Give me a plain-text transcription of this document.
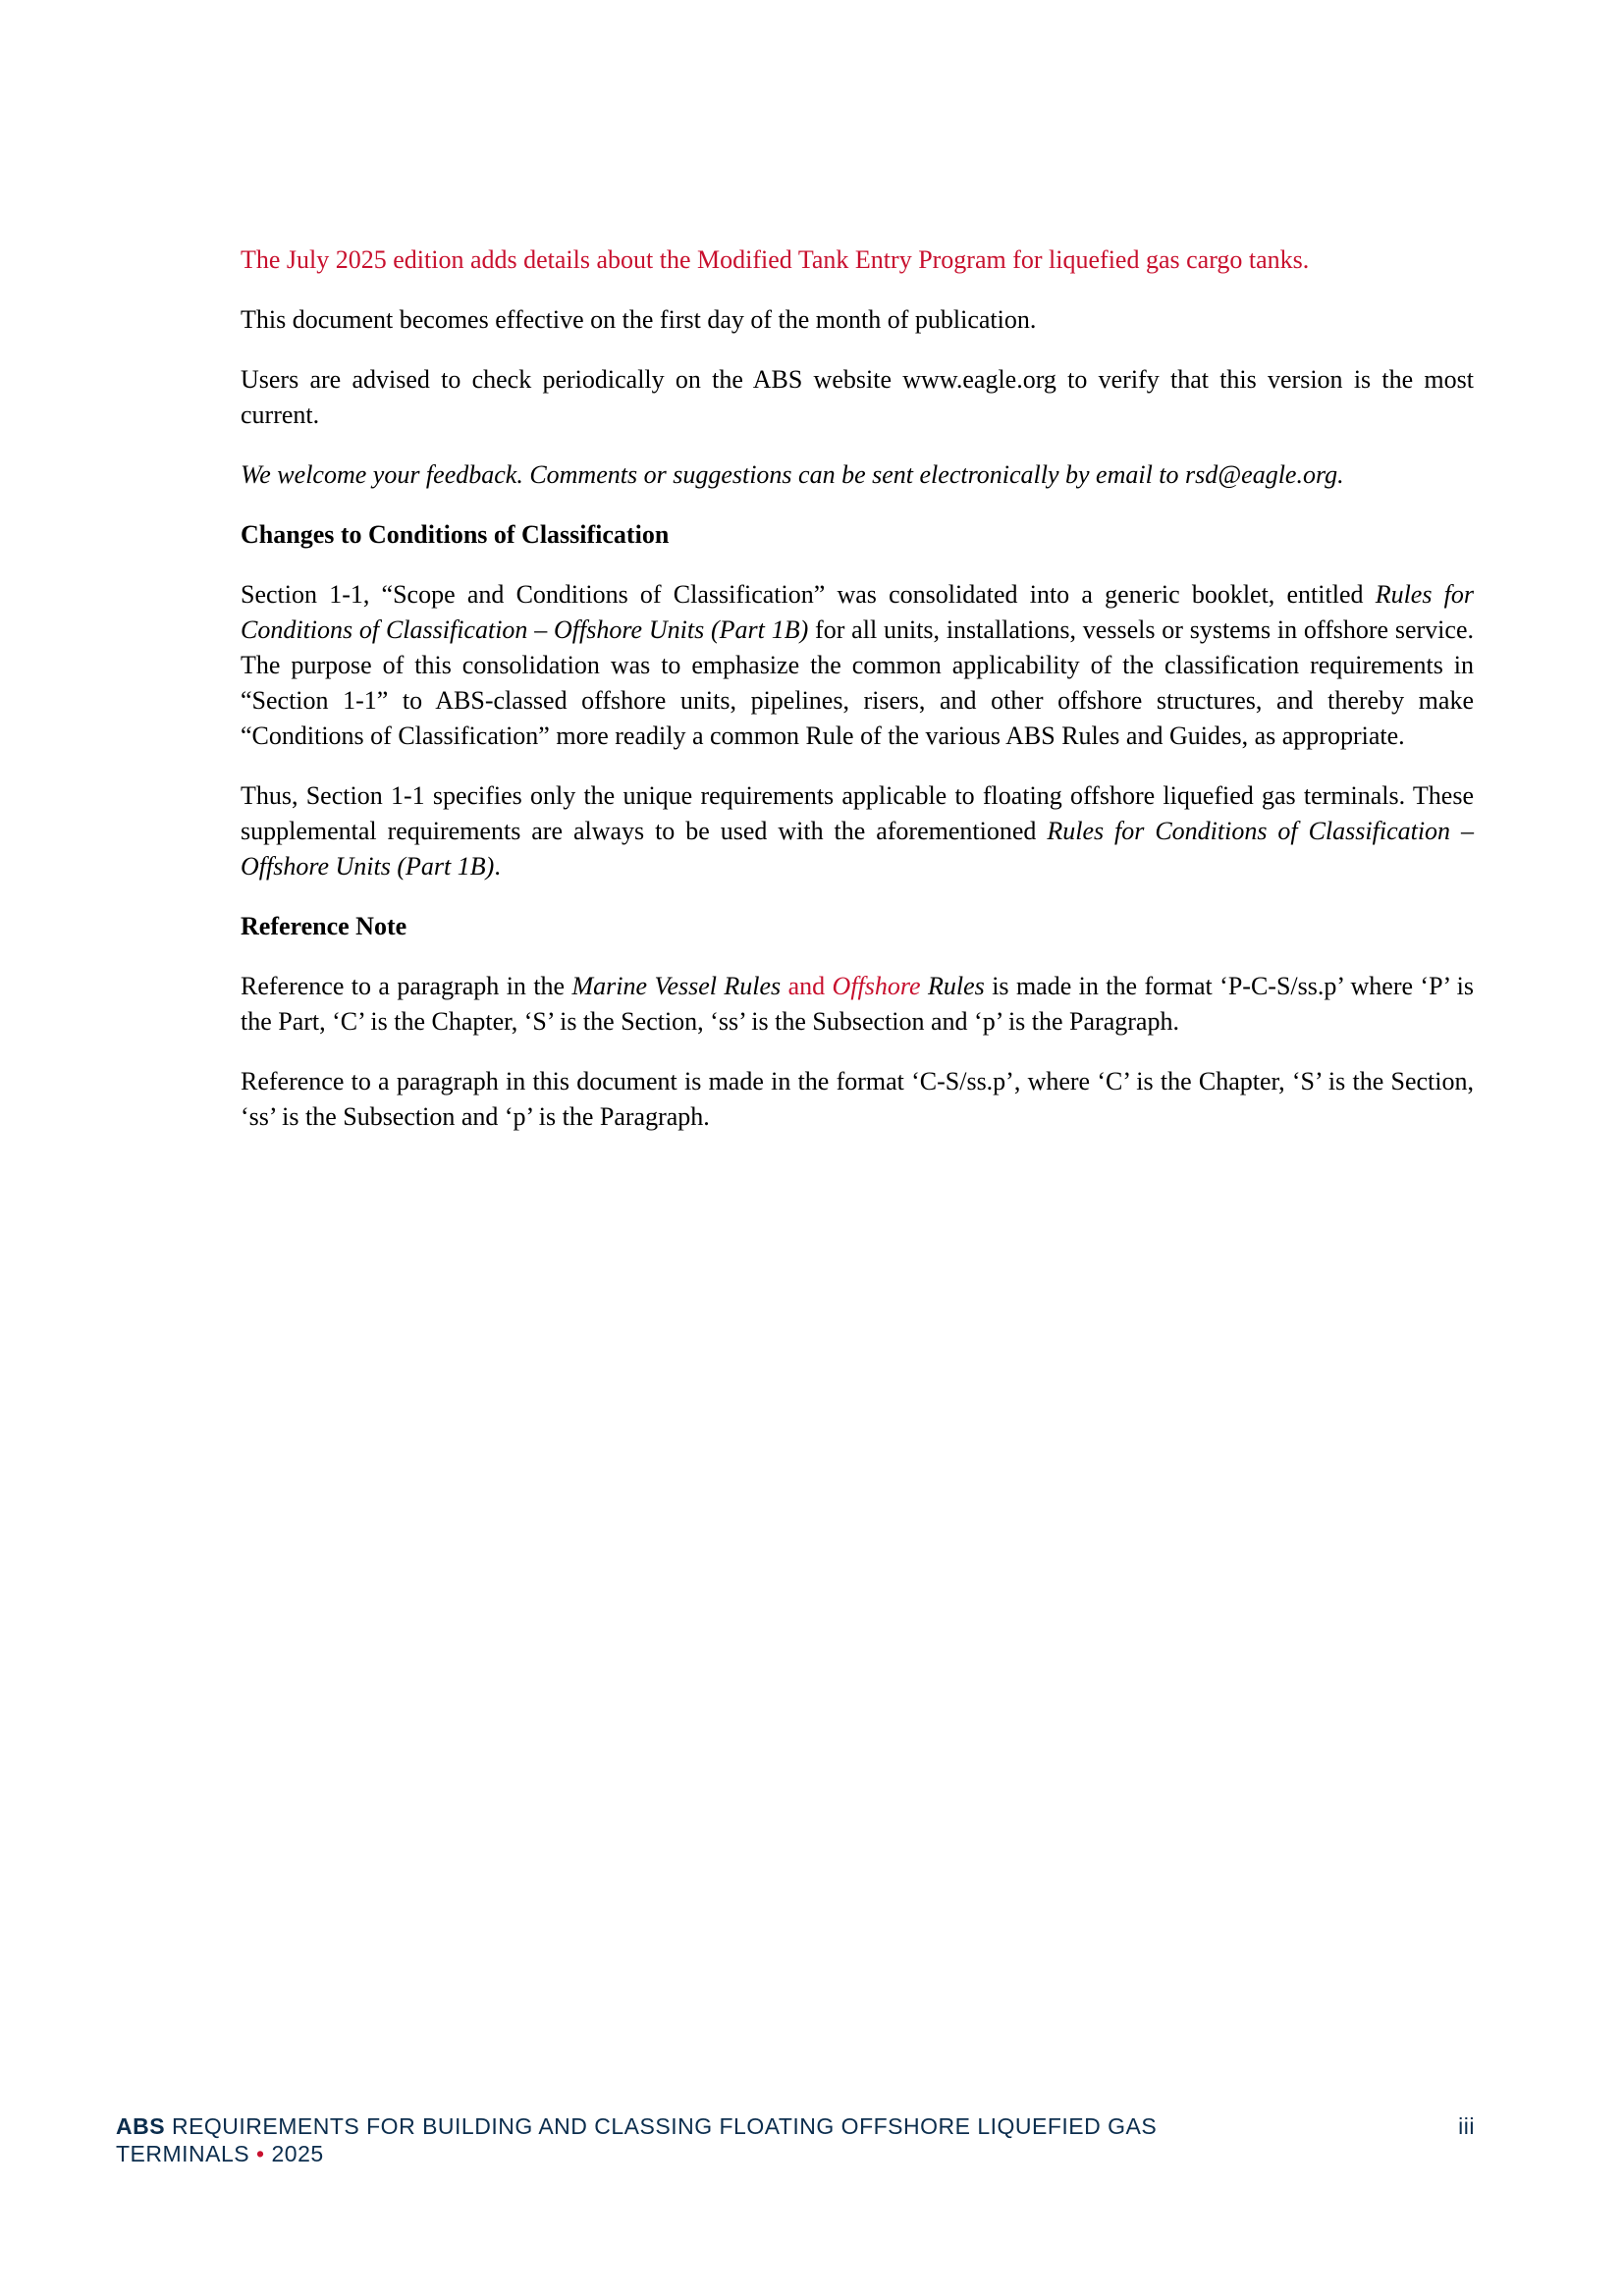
The July 2025 edition adds details about the Modified Tank Entry Program for liquefied gas cargo tanks.

This document becomes effective on the first day of the month of publication.

Users are advised to check periodically on the ABS website www.eagle.org to verify that this version is the most current.

We welcome your feedback. Comments or suggestions can be sent electronically by email to rsd@eagle.org.

Changes to Conditions of Classification

Section 1-1, “Scope and Conditions of Classification” was consolidated into a generic booklet, entitled Rules for Conditions of Classification – Offshore Units (Part 1B) for all units, installations, vessels or systems in offshore service. The purpose of this consolidation was to emphasize the common applicability of the classification requirements in “Section 1-1” to ABS-classed offshore units, pipelines, risers, and other offshore structures, and thereby make “Conditions of Classification” more readily a common Rule of the various ABS Rules and Guides, as appropriate.

Thus, Section 1-1 specifies only the unique requirements applicable to floating offshore liquefied gas terminals. These supplemental requirements are always to be used with the aforementioned Rules for Conditions of Classification – Offshore Units (Part 1B).

Reference Note

Reference to a paragraph in the Marine Vessel Rules and Offshore Rules is made in the format ‘P-C-S/ss.p’ where ‘P’ is the Part, ‘C’ is the Chapter, ‘S’ is the Section, ‘ss’ is the Subsection and ‘p’ is the Paragraph.

Reference to a paragraph in this document is made in the format ‘C-S/ss.p’, where ‘C’ is the Chapter, ‘S’ is the Section, ‘ss’ is the Subsection and ‘p’ is the Paragraph.

ABS REQUIREMENTS FOR BUILDING AND CLASSING FLOATING OFFSHORE LIQUEFIED GAS
TERMINALS • 2025
iii
